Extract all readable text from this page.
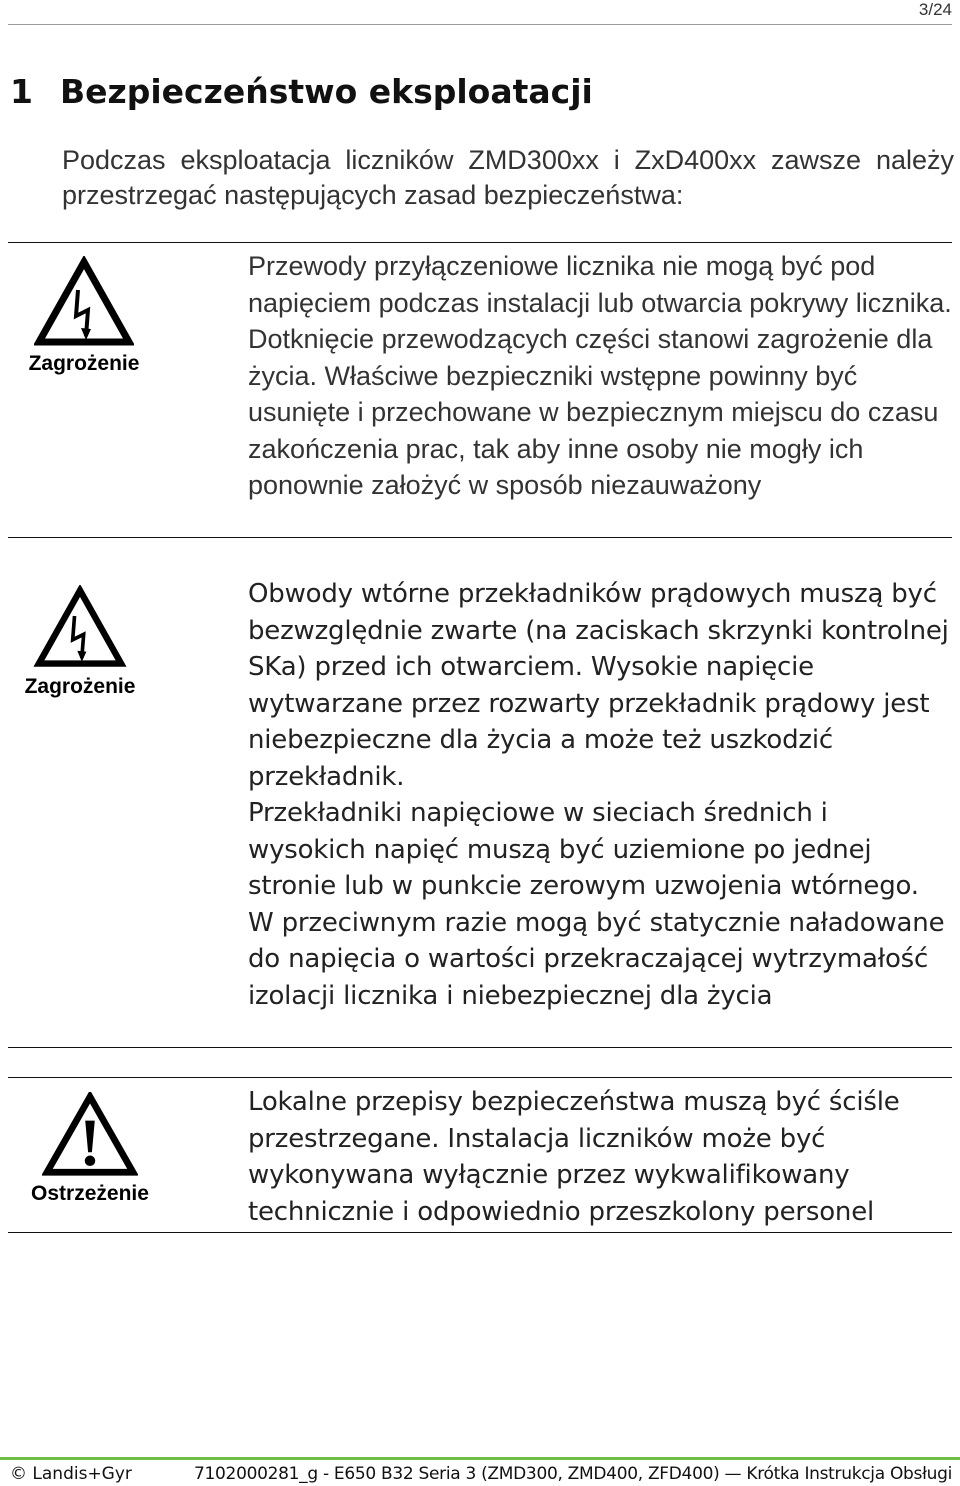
3/24
1 Bezpieczeństwo eksploatacji

Podczas eksploatacja liczników ZMD300xx i ZxD400xx zawsze należy przestrzegać następujących zasad bezpieczeństwa:

Zagrożenie

Przewody przyłączeniowe licznika nie mogą być pod napięciem podczas instalacji lub otwarcia pokrywy licznika. Dotknięcie przewodzących części stanowi zagrożenie dla życia. Właściwe bezpieczniki wstępne powinny być usunięte i przechowane w bezpiecznym miejscu do czasu zakończenia prac, tak aby inne osoby nie mogły ich ponownie założyć w sposób niezauważony

Zagrożenie

Obwody wtórne przekładników prądowych muszą być bezwzględnie zwarte (na zaciskach skrzynki kontrolnej SKa) przed ich otwarciem. Wysokie napięcie wytwarzane przez rozwarty przekładnik prądowy jest niebezpieczne dla życia a może też uszkodzić przekładnik.

Przekładniki napięciowe w sieciach średnich i wysokich napięć muszą być uziemione po jednej stronie lub w punkcie zerowym uzwojenia wtórnego. W przeciwnym razie mogą być statycznie naładowane do napięcia o wartości przekraczającej wytrzymałość izolacji licznika i niebezpiecznej dla życia

Ostrzeżenie

Lokalne przepisy bezpieczeństwa muszą być ściśle przestrzegane. Instalacja liczników może być wykonywana wyłącznie przez wykwalifikowany technicznie i odpowiednio przeszkolony personel

© Landis+Gyr	7102000281_g - E650 B32 Seria 3 (ZMD300, ZMD400, ZFD400) — Krótka Instrukcja Obsługi
